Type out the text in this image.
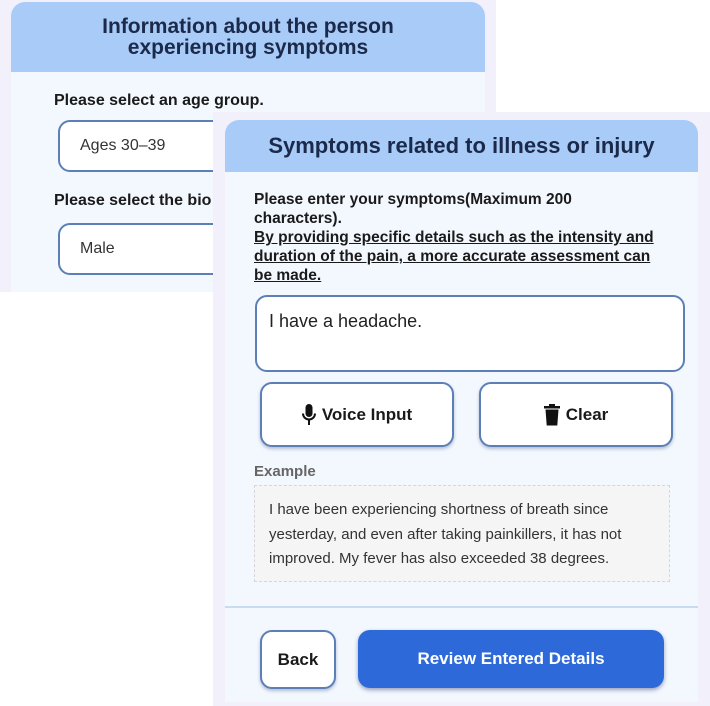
Information about the person experiencing symptoms
Please select an age group.
Ages 30–39
Please select the bio
Male
Symptoms related to illness or injury
Please enter your symptoms(Maximum 200 characters).
By providing specific details such as the intensity and duration of the pain, a more accurate assessment can be made.
I have a headache.
Voice Input	Clear
Example
I have been experiencing shortness of breath since yesterday, and even after taking painkillers, it has not improved. My fever has also exceeded 38 degrees.
Back	Review Entered Details
